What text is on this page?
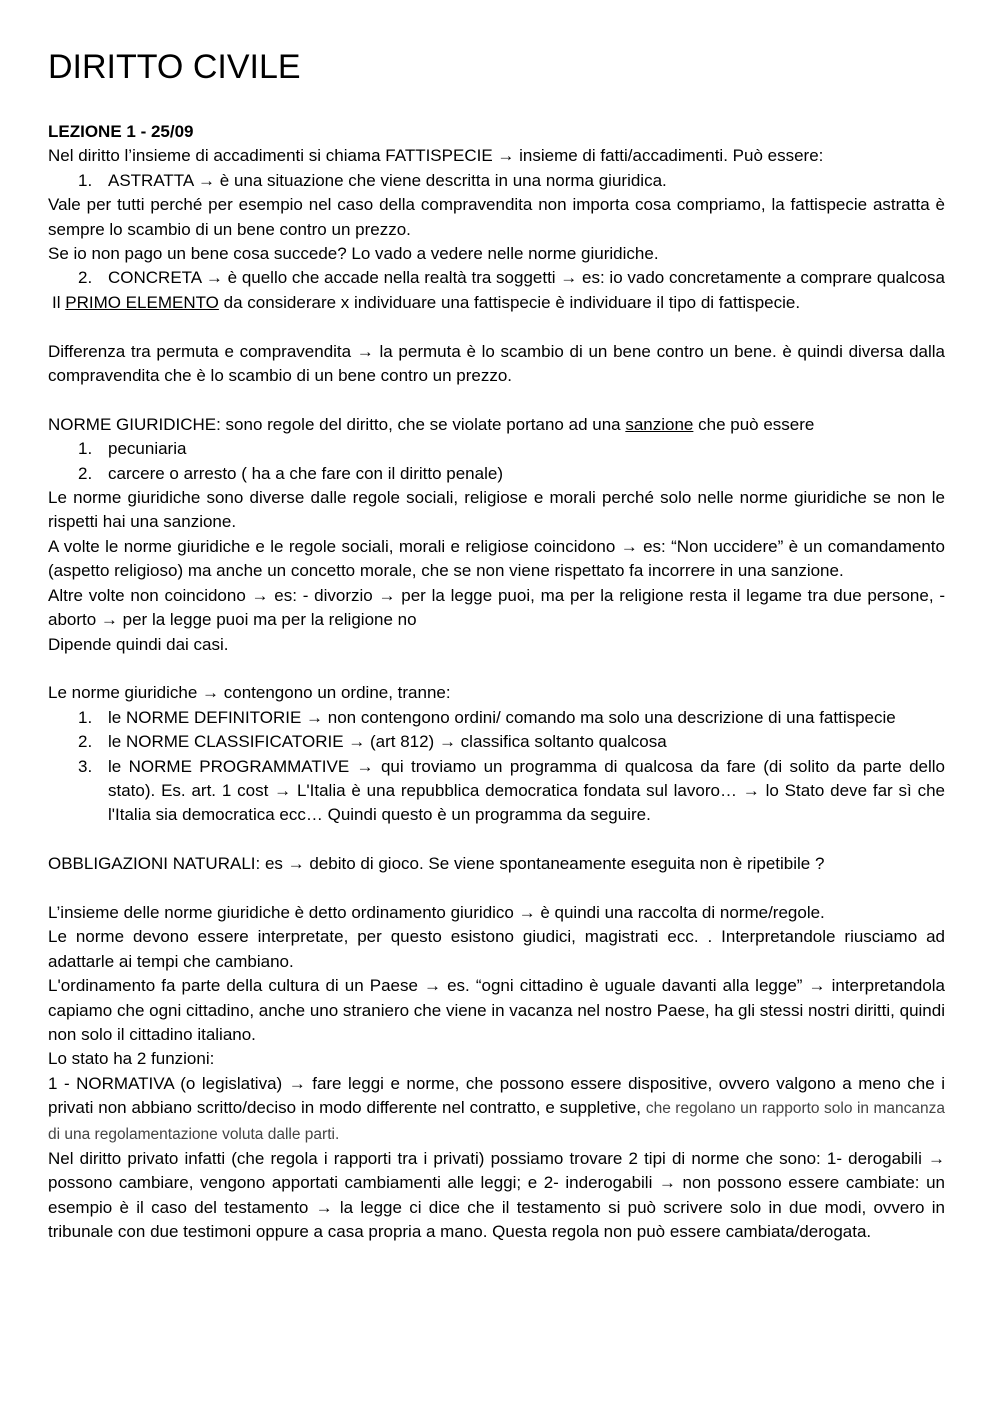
DIRITTO CIVILE

LEZIONE 1 - 25/09

Nel diritto l’insieme di accadimenti si chiama FATTISPECIE → insieme di fatti/accadimenti. Può essere:

1. ASTRATTA → è una situazione che viene descritta in una norma giuridica.

Vale per tutti perché per esempio nel caso della compravendita non importa cosa compriamo, la fattispecie astratta è sempre lo scambio di un bene contro un prezzo.

Se io non pago un bene cosa succede? Lo vado a vedere nelle norme giuridiche.

2. CONCRETA → è quello che accade nella realtà tra soggetti → es: io vado concretamente a comprare qualcosa

Il PRIMO ELEMENTO da considerare x individuare una fattispecie è individuare il tipo di fattispecie.

Differenza tra permuta e compravendita → la permuta è lo scambio di un bene contro un bene. è quindi diversa dalla compravendita che è lo scambio di un bene contro un prezzo.

NORME GIURIDICHE: sono regole del diritto, che se violate portano ad una sanzione che può essere

1. pecuniaria
2. carcere o arresto ( ha a che fare con il diritto penale)

Le norme giuridiche sono diverse dalle regole sociali, religiose e morali perché solo nelle norme giuridiche se non le rispetti hai una sanzione.

A volte le norme giuridiche e le regole sociali, morali e religiose coincidono → es: “Non uccidere” è un comandamento (aspetto religioso) ma anche un concetto morale, che se non viene rispettato fa incorrere in una sanzione.

Altre volte non coincidono → es: - divorzio → per la legge puoi, ma per la religione resta il legame tra due persone, - aborto → per la legge puoi ma per la religione no

Dipende quindi dai casi.

Le norme giuridiche → contengono un ordine, tranne:

1. le NORME DEFINITORIE → non contengono ordini/ comando ma solo una descrizione di una fattispecie
2. le NORME CLASSIFICATORIE → (art 812) → classifica soltanto qualcosa
3. le NORME PROGRAMMATIVE → qui troviamo un programma di qualcosa da fare (di solito da parte dello stato). Es. art. 1 cost → L'Italia è una repubblica democratica fondata sul lavoro… → lo Stato deve far sì che l'Italia sia democratica ecc… Quindi questo è un programma da seguire.

OBBLIGAZIONI NATURALI: es → debito di gioco. Se viene spontaneamente eseguita non è ripetibile ?

L’insieme delle norme giuridiche è detto ordinamento giuridico → è quindi una raccolta di norme/regole.

Le norme devono essere interpretate, per questo esistono giudici, magistrati ecc. . Interpretandole riusciamo ad adattarle ai tempi che cambiano.

L'ordinamento fa parte della cultura di un Paese → es. “ogni cittadino è uguale davanti alla legge” → interpretandola capiamo che ogni cittadino, anche uno straniero che viene in vacanza nel nostro Paese, ha gli stessi nostri diritti, quindi non solo il cittadino italiano.

Lo stato ha 2 funzioni:

1 - NORMATIVA (o legislativa) → fare leggi e norme, che possono essere dispositive, ovvero valgono a meno che i privati non abbiano scritto/deciso in modo differente nel contratto, e suppletive, che regolano un rapporto solo in mancanza di una regolamentazione voluta dalle parti.

Nel diritto privato infatti (che regola i rapporti tra i privati) possiamo trovare 2 tipi di norme che sono: 1- derogabili → possono cambiare, vengono apportati cambiamenti alle leggi; e 2- inderogabili → non possono essere cambiate: un esempio è il caso del testamento → la legge ci dice che il testamento si può scrivere solo in due modi, ovvero in tribunale con due testimoni oppure a casa propria a mano. Questa regola non può essere cambiata/derogata.
